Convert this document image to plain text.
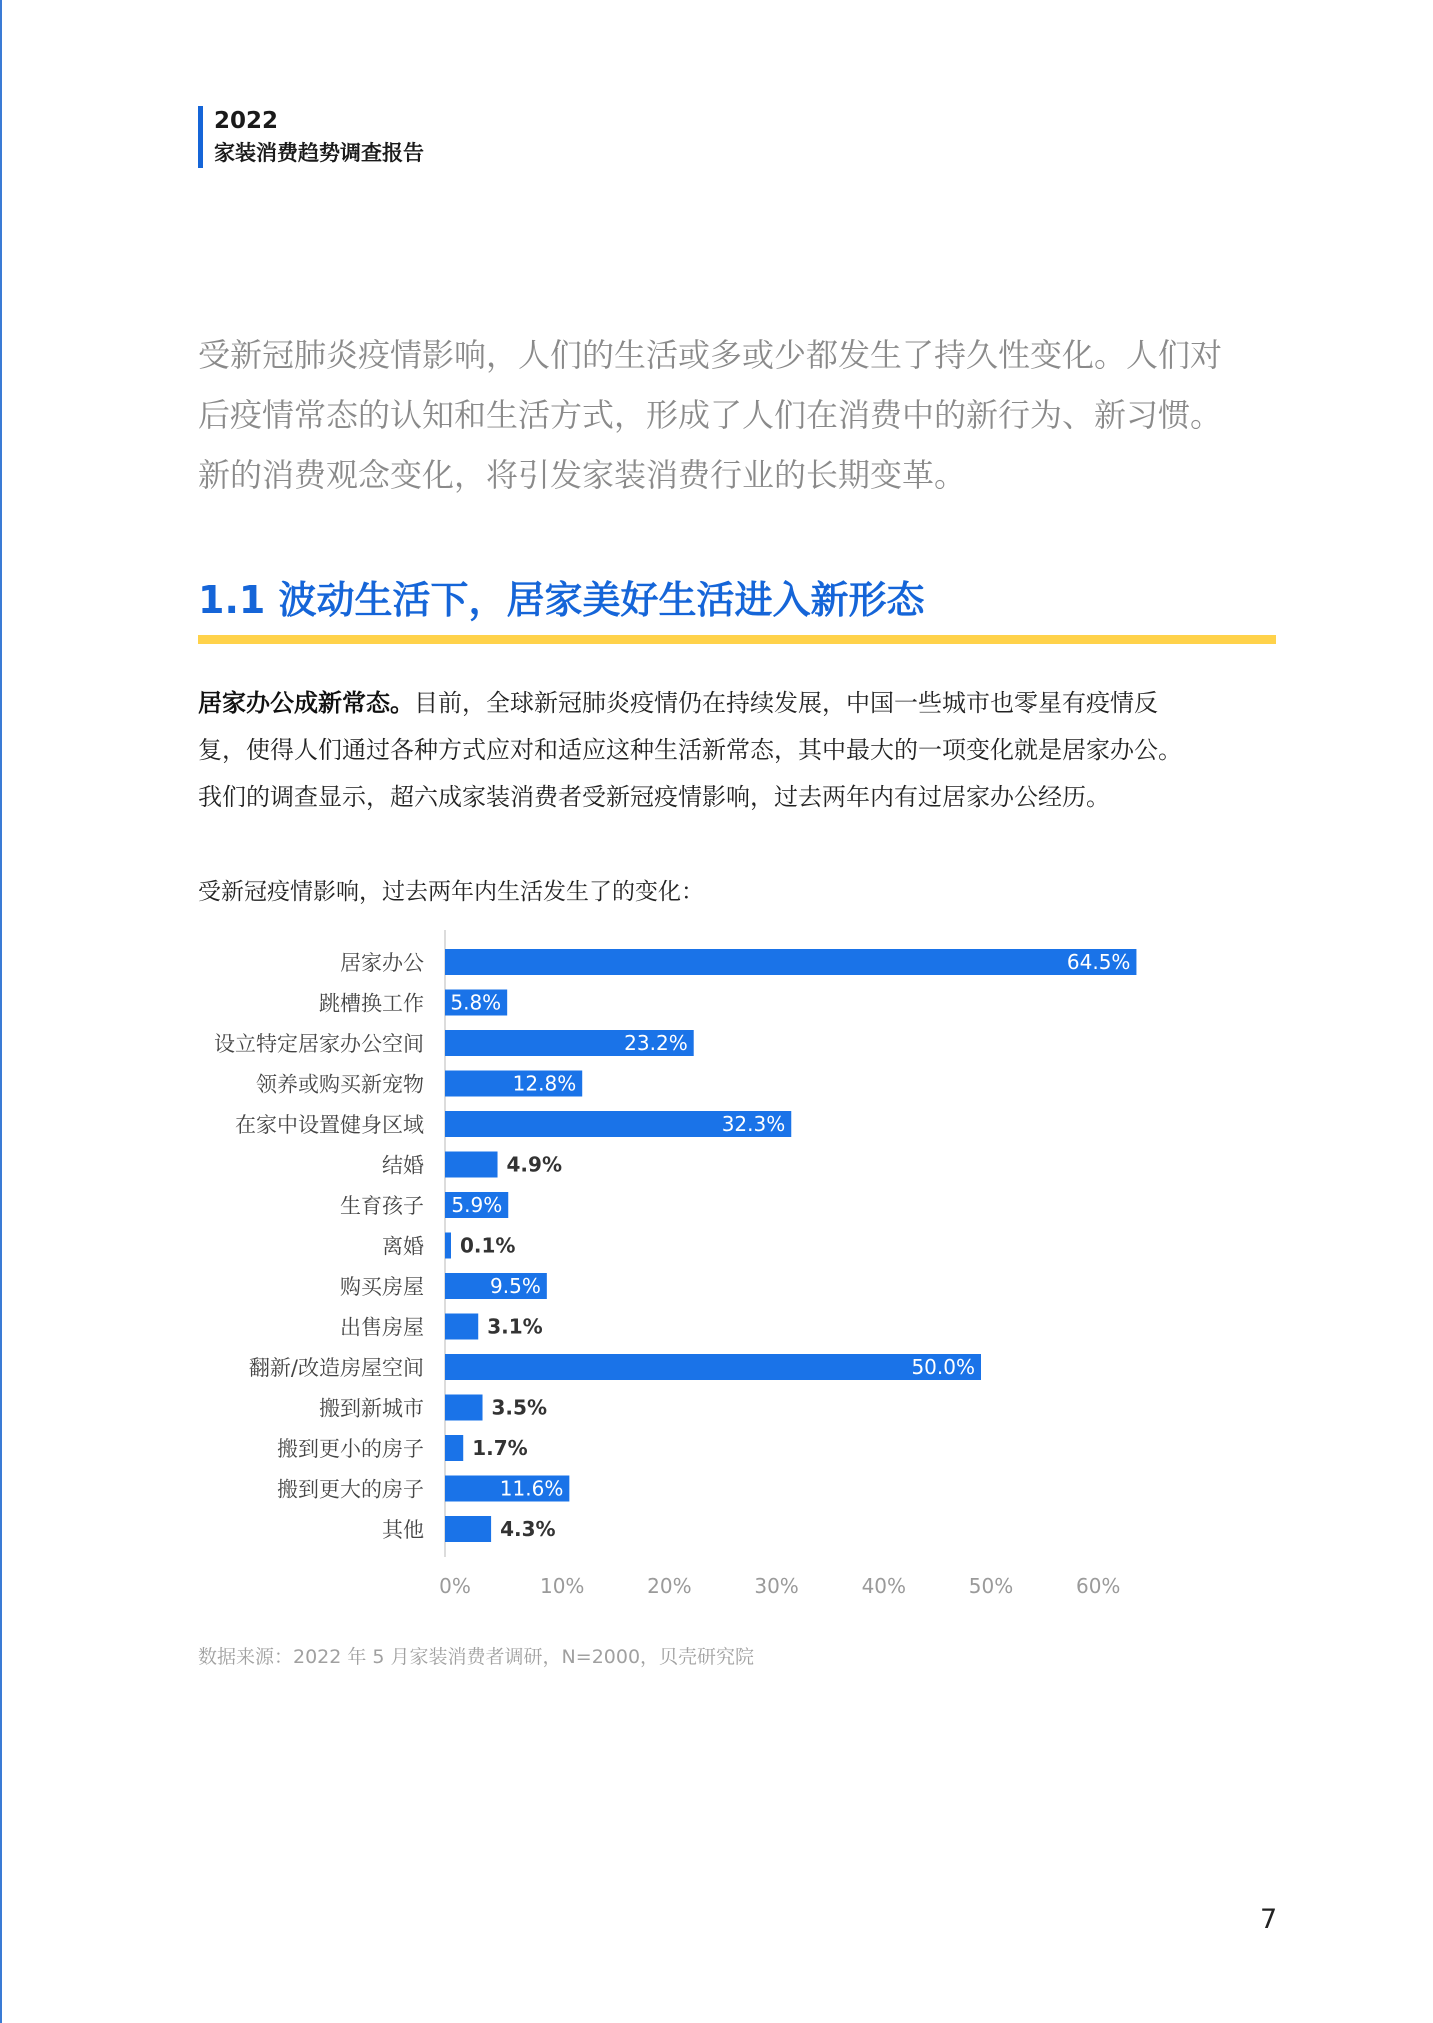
2022
家装消费趋势调查报告

受新冠肺炎疫情影响，人们的生活或多或少都发生了持久性变化。人们对

后疫情常态的认知和生活方式，形成了人们在消费中的新行为、新习惯。

新的消费观念变化，将引发家装消费行业的长期变革。

1.1 波动生活下，居家美好生活进入新形态

居家办公成新常态。目前，全球新冠肺炎疫情仍在持续发展，中国一些城市也零星有疫情反

复，使得人们通过各种方式应对和适应这种生活新常态，其中最大的一项变化就是居家办公。

我们的调查显示，超六成家装消费者受新冠疫情影响，过去两年内有过居家办公经历。

受新冠疫情影响，过去两年内生活发生了的变化：
居家办公	64.5%
跳槽换工作 5.8%
设立特定居家办公空间	23.2%
领养或购买新宠物	12.8%
在家中设置健身区域	32.3%
结婚	4.9%
生育孩子 5.9%
离婚 0.1%
购买房屋	9.5%
出售房屋	3.1%
翻新/改造房屋空间	50.0%
搬到新城市	3.5%
搬到更小的房子 1.7%
搬到更大的房子	11.6%
其他	4.3%
0%	10%	20%	30%	40%	50%	60%
数据来源：2022 年 5 月家装消费者调研，N=2000，贝壳研究院
7
